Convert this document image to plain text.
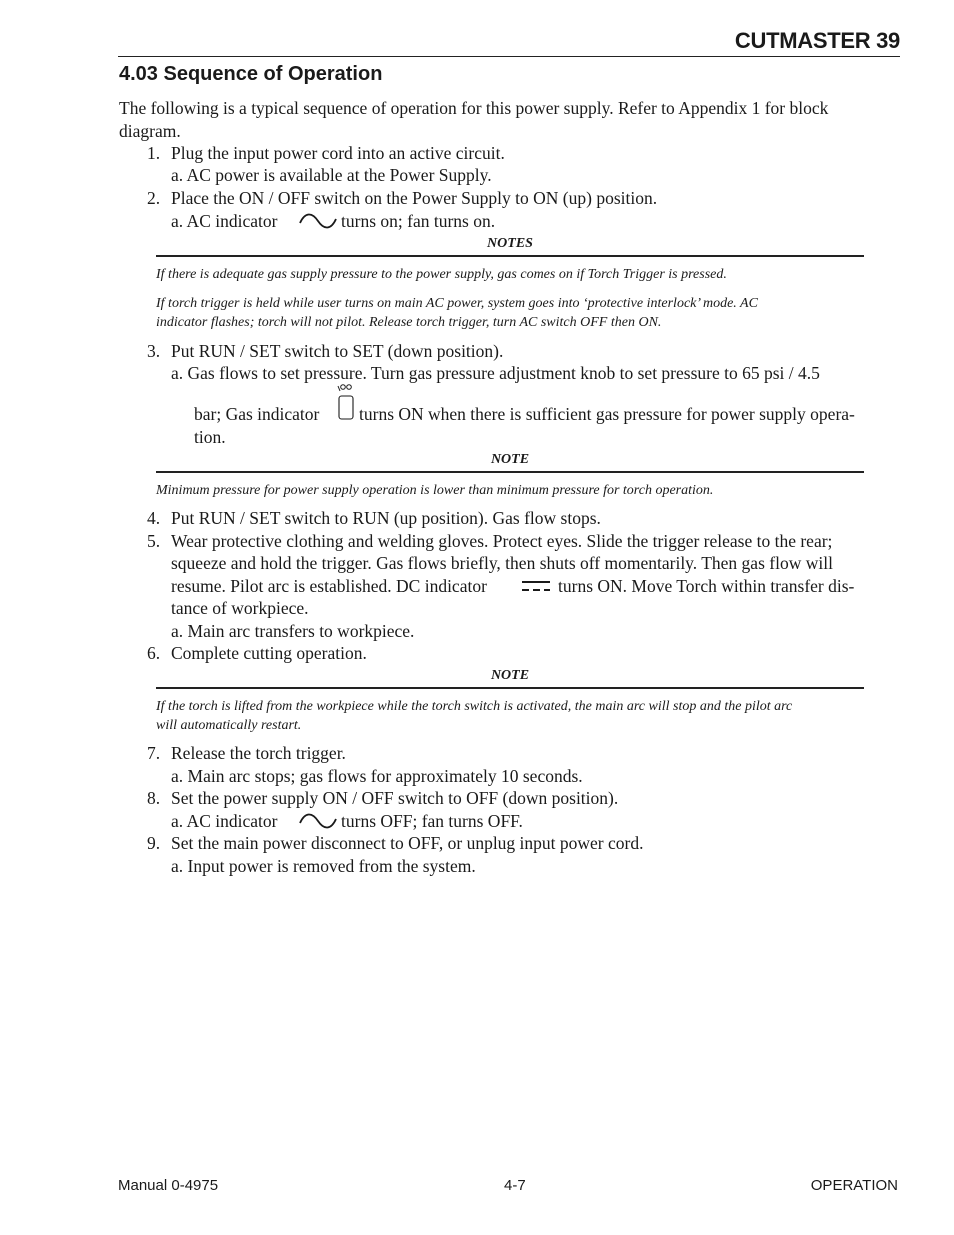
CUTMASTER 39
4.03 Sequence of Operation
The following is a typical sequence of operation for this power supply. Refer to Appendix 1 for block
diagram.
1. Plug the input power cord into an active circuit.
a. AC power is available at the Power Supply.
2. Place the ON / OFF switch on the Power Supply to ON (up) position.
a. AC indicator	turns on; fan turns on.
NOTES
If there is adequate gas supply pressure to the power supply, gas comes on if Torch Trigger is pressed.
If torch trigger is held while user turns on main AC power, system goes into ‘protective interlock’ mode. AC
indicator flashes; torch will not pilot. Release torch trigger, turn AC switch OFF then ON.
3. Put RUN / SET switch to SET (down position).
a. Gas flows to set pressure. Turn gas pressure adjustment knob to set pressure to 65 psi / 4.5
bar; Gas indicator turns ON when there is sufficient gas pressure for power supply opera-
tion.
NOTE
Minimum pressure for power supply operation is lower than minimum pressure for torch operation.
4. Put RUN / SET switch to RUN (up position). Gas flow stops.
5. Wear protective clothing and welding gloves. Protect eyes. Slide the trigger release to the rear;
squeeze and hold the trigger. Gas flows briefly, then shuts off momentarily. Then gas flow will
resume. Pilot arc is established. DC indicator	turns ON. Move Torch within transfer dis-
tance of workpiece.
a. Main arc transfers to workpiece.
6. Complete cutting operation.
NOTE
If the torch is lifted from the workpiece while the torch switch is activated, the main arc will stop and the pilot arc
will automatically restart.
7. Release the torch trigger.
a. Main arc stops; gas flows for approximately 10 seconds.
8. Set the power supply ON / OFF switch to OFF (down position).
a. AC indicator	turns OFF; fan turns OFF.
9. Set the main power disconnect to OFF, or unplug input power cord.
a. Input power is removed from the system.
Manual 0-4975	4-7	OPERATION
